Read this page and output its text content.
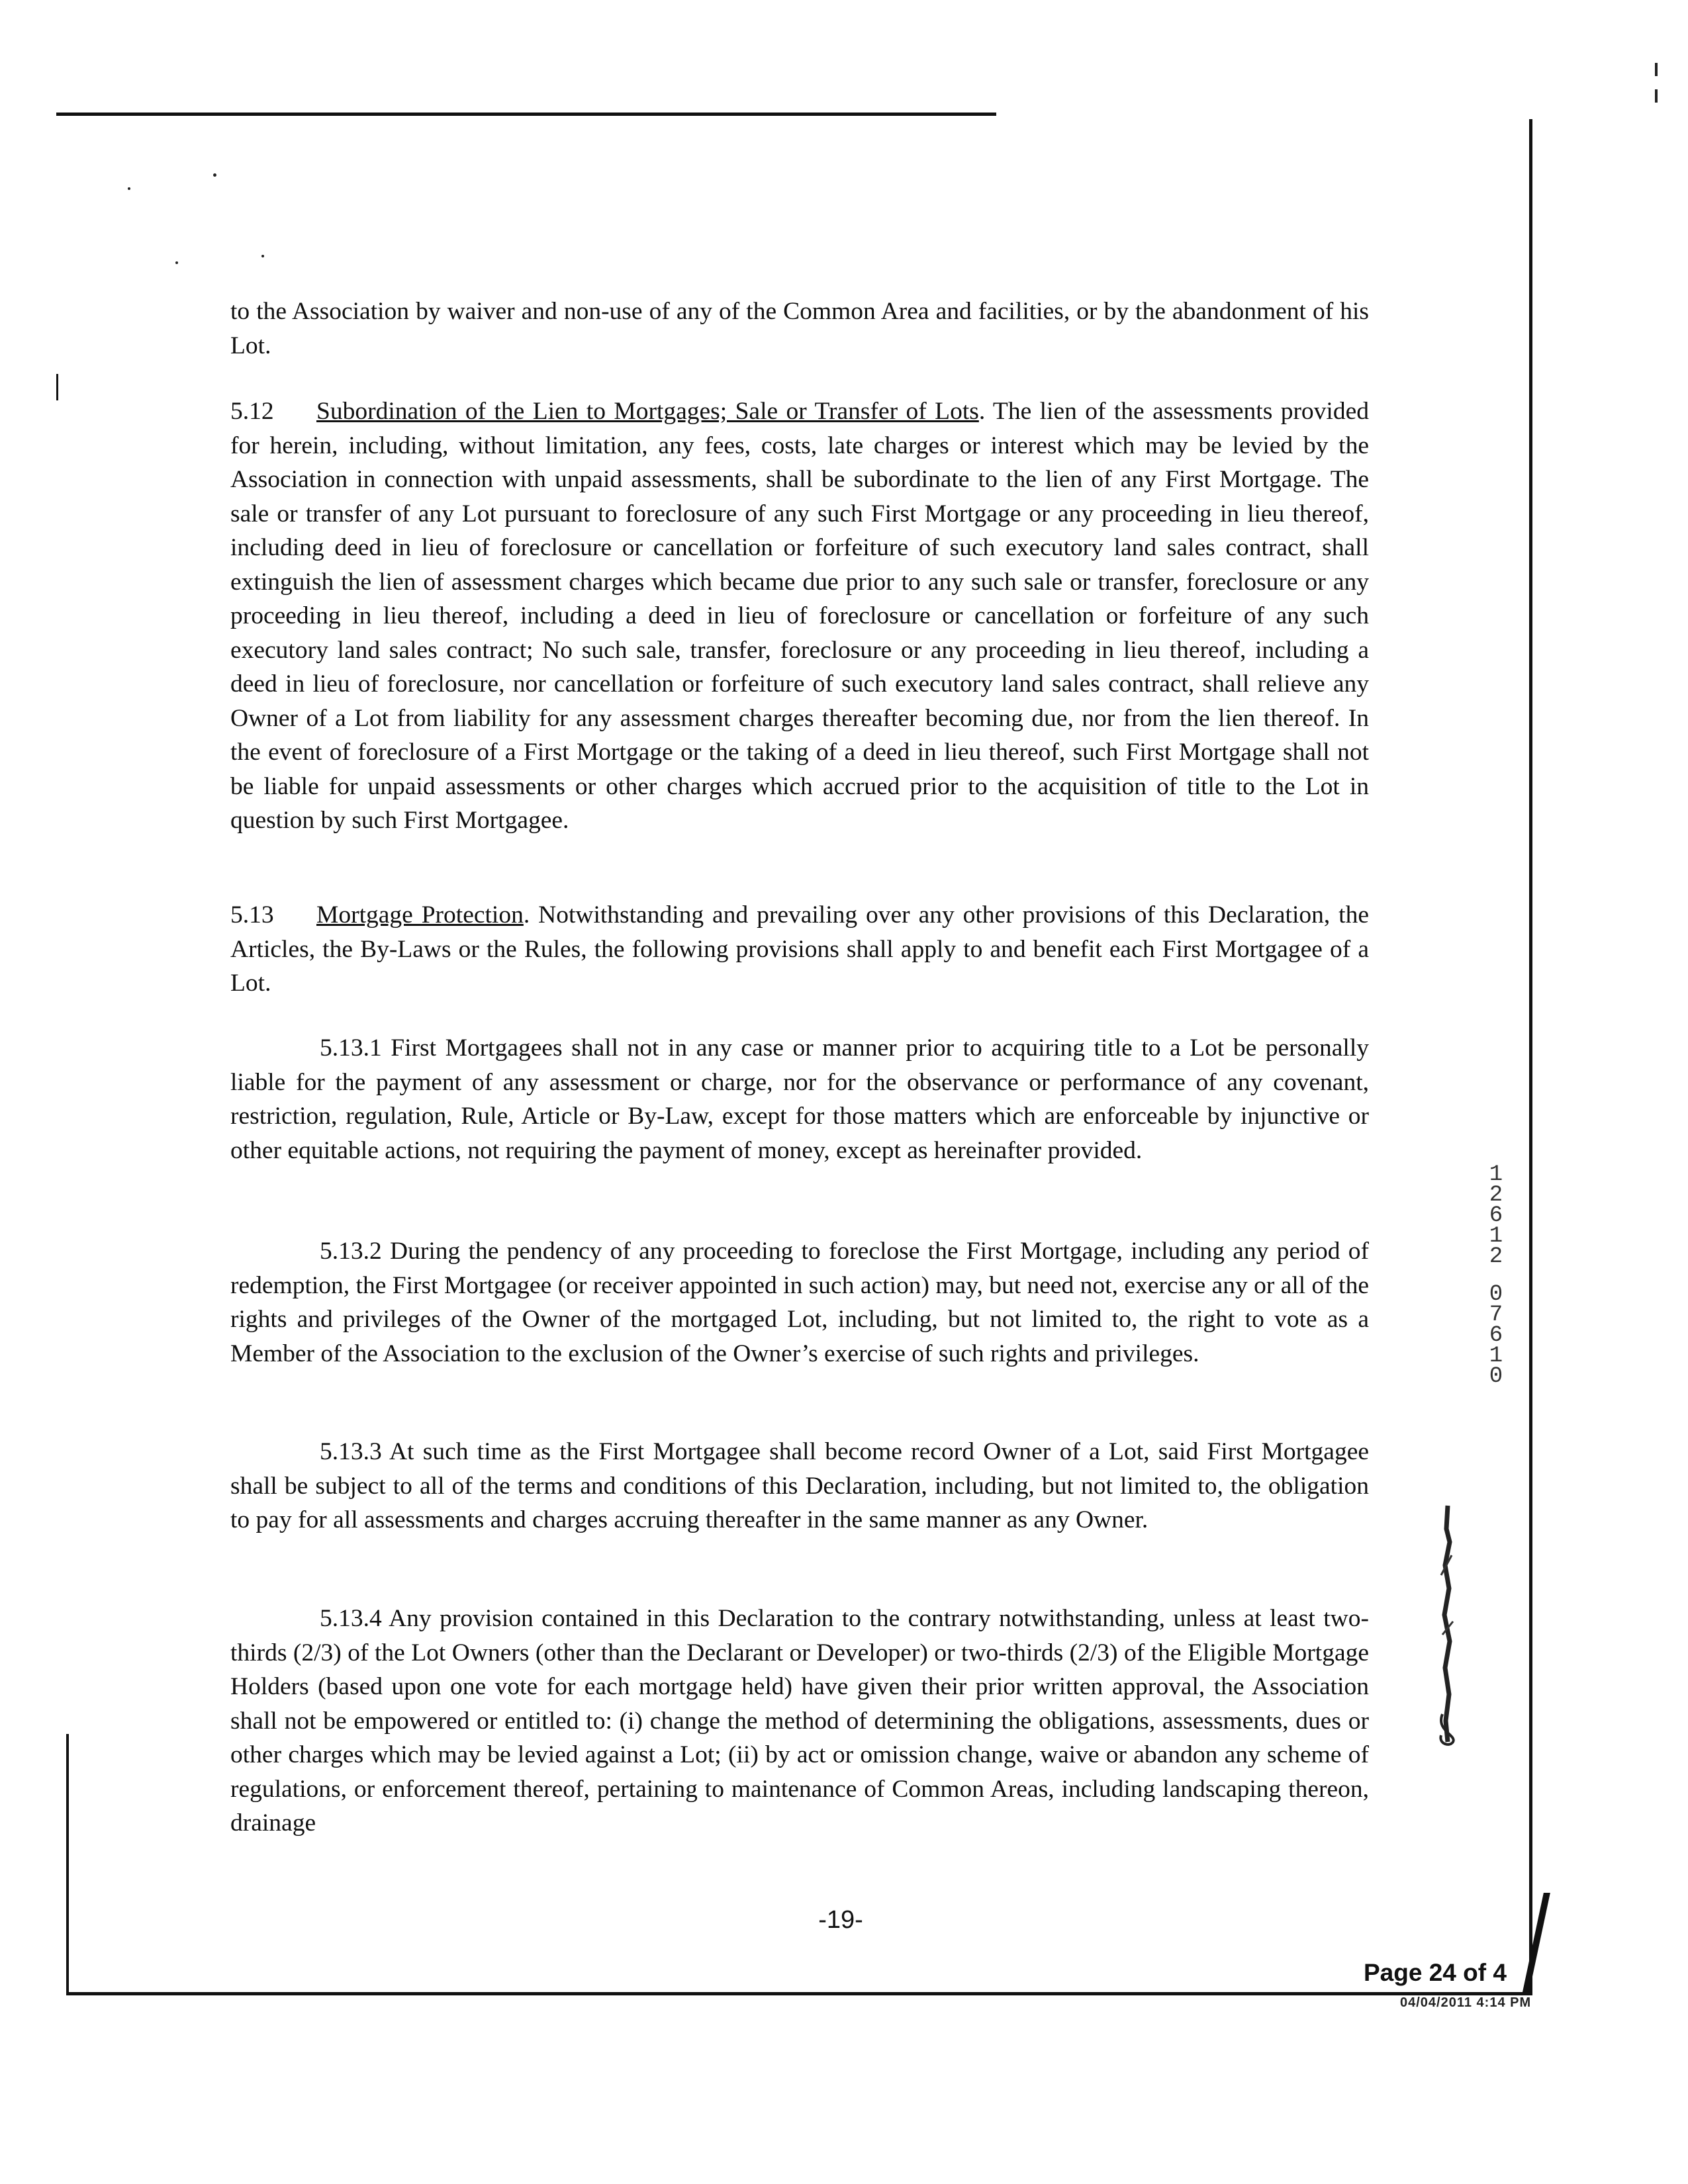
to the Association by waiver and non-use of any of the Common Area and facilities, or by the abandonment of his Lot.

5.12 Subordination of the Lien to Mortgages; Sale or Transfer of Lots. The lien of the assessments provided for herein, including, without limitation, any fees, costs, late charges or interest which may be levied by the Association in connection with unpaid assessments, shall be subordinate to the lien of any First Mortgage. The sale or transfer of any Lot pursuant to foreclosure of any such First Mortgage or any proceeding in lieu thereof, including deed in lieu of foreclosure or cancellation or forfeiture of such executory land sales contract, shall extinguish the lien of assessment charges which became due prior to any such sale or transfer, foreclosure or any proceeding in lieu thereof, including a deed in lieu of foreclosure or cancellation or forfeiture of any such executory land sales contract; No such sale, transfer, foreclosure or any proceeding in lieu thereof, including a deed in lieu of foreclosure, nor cancellation or forfeiture of such executory land sales contract, shall relieve any Owner of a Lot from liability for any assessment charges thereafter becoming due, nor from the lien thereof. In the event of foreclosure of a First Mortgage or the taking of a deed in lieu thereof, such First Mortgage shall not be liable for unpaid assessments or other charges which accrued prior to the acquisition of title to the Lot in question by such First Mortgagee.

5.13 Mortgage Protection. Notwithstanding and prevailing over any other provisions of this Declaration, the Articles, the By-Laws or the Rules, the following provisions shall apply to and benefit each First Mortgagee of a Lot.

5.13.1 First Mortgagees shall not in any case or manner prior to acquiring title to a Lot be personally liable for the payment of any assessment or charge, nor for the observance or performance of any covenant, restriction, regulation, Rule, Article or By-Law, except for those matters which are enforceable by injunctive or other equitable actions, not requiring the payment of money, except as hereinafter provided.

5.13.2 During the pendency of any proceeding to foreclose the First Mortgage, including any period of redemption, the First Mortgagee (or receiver appointed in such action) may, but need not, exercise any or all of the rights and privileges of the Owner of the mortgaged Lot, including, but not limited to, the right to vote as a Member of the Association to the exclusion of the Owner’s exercise of such rights and privileges.

5.13.3 At such time as the First Mortgagee shall become record Owner of a Lot, said First Mortgagee shall be subject to all of the terms and conditions of this Declaration, including, but not limited to, the obligation to pay for all assessments and charges accruing thereafter in the same manner as any Owner.

5.13.4 Any provision contained in this Declaration to the contrary notwithstanding, unless at least two-thirds (2/3) of the Lot Owners (other than the Declarant or Developer) or two-thirds (2/3) of the Eligible Mortgage Holders (based upon one vote for each mortgage held) have given their prior written approval, the Association shall not be empowered or entitled to: (i) change the method of determining the obligations, assessments, dues or other charges which may be levied against a Lot; (ii) by act or omission change, waive or abandon any scheme of regulations, or enforcement thereof, pertaining to maintenance of Common Areas, including landscaping thereon, drainage

-19-
12612
07610
Page 24 of 4
04/04/2011 4:14 PM
